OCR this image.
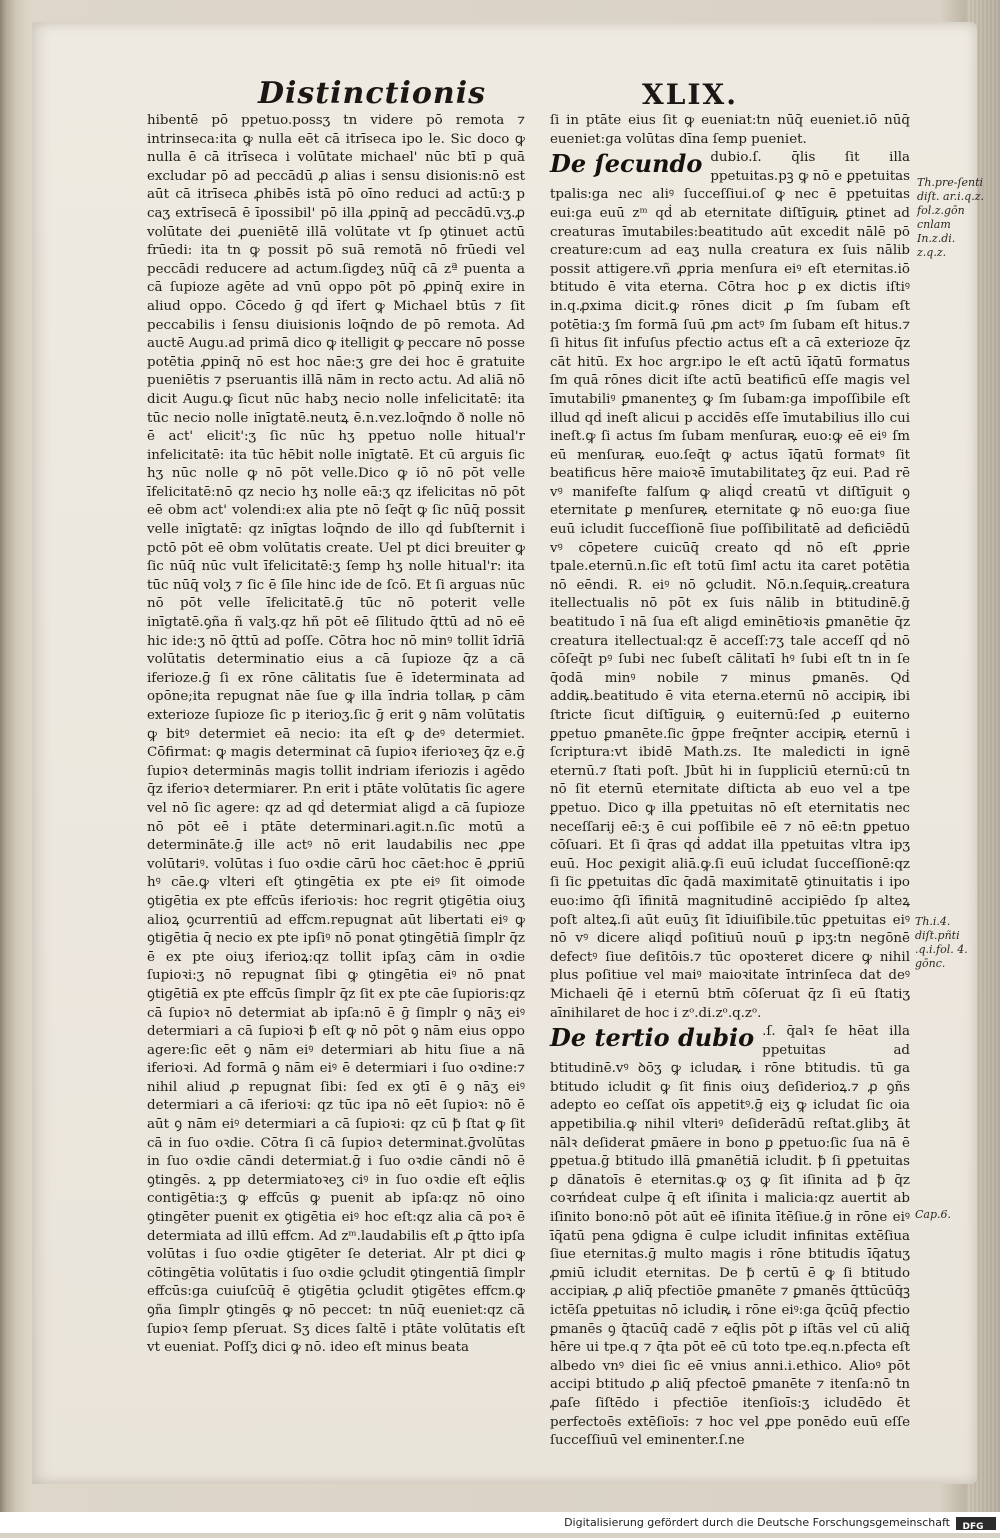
Distinctionis	XLIX.

hibentē pō ppetuo.possʒ tn videre pō remota ⁊ intrinseca:ita ꝙ nulla eēt cā itrīseca ipo le. Sic doco ꝙ nulla ē cā itrīseca i volūtate michael' nūc btī p quā excludar pō ad peccādū ꝓ alias i sensu disionis:nō est aūt cā itrīseca ꝓhibēs istā pō oīno reduci ad actū:ʒ p caʒ extrīsecā ē īpossibil' pō illa ꝓpinq̄ ad peccādū.vʒ.ꝓ volūtate dei ꝓueniētē illā volūtate vt ſp ꝯtinuet actū frūedi: ita tn ꝙ possit pō suā remotā nō frūedi vel peccādi reducere ad actum.ſigdeʒ nūq̄ cā zª puenta a cā ſupioze agēte ad vnū oppo pōt pō ꝓpinq̄ exire in aliud oppo. Cōcedo ḡ qḋ īfert ꝙ Michael btūs ⁊ ſit peccabilis i ſensu diuisionis loq̄ndo de pō remota. Ad auctē Augu.ad primā dico ꝙ itelligit ꝙ peccare nō posse potētia ꝓpinq̄ nō est hoc nāe:ʒ gre dei hoc ē gratuite pueniētis ⁊ pseruantis illā nām in recto actu. Ad aliā nō dicit Augu.ꝙ ſicut nūc habʒ necio nolle infelicitatē: ita tūc necio nolle inīgtatē.neutꝝ ē.n.vez.loq̄ndo ð nolle nō ē act' elicit':ʒ ſic nūc hʒ ppetuo nolle hitual'r infelicitatē: ita tūc hēbit nolle inīgtatē. Et cū arguis ſic hʒ nūc nolle ꝙ nō pōt velle.Dico ꝙ iō nō pōt velle īfelicitatē:nō qz necio hʒ nolle eā:ʒ qz ifelicitas nō pōt eē obm act' volendi:ex alia pte nō ſeq̄t ꝙ ſic nūq̄ possit velle inīgtatē: qz inīgtas loq̄ndo de illo qḋ ſubſternit i pctō pōt eē obm volūtatis create. Uel pt dici breuiter ꝙ ſic nūq̄ nūc vult īfelicitatē:ʒ ſemp hʒ nolle hitual'r: ita tūc nūq̄ volʒ ⁊ ſic ē ſīle hinc ide de ſcō. Et ſi arguas nūc nō pōt velle īfelicitatē.ḡ tūc nō poterit velle inīgtatē.ꝯña ñ valʒ.qz hñ pōt eē ſīlitudo q̄ttū ad nō eē hic ide:ʒ nō q̄ttū ad poſſe. Cōtra hoc nō minꝰ tollit īdrīā volūtatis determinatio eius a cā ſupioze q̄z a cā iferioze.ḡ ſi ex rōne cālitatis ſue ē īdeterminata ad opōne;ita repugnat nāe ſue ꝙ illa īndria tollaꝶ p cām exterioze ſupioze ſic p iterioʒ.ſic ḡ erit ꝯ nām volūtatis ꝙ bitꝰ determiet eā necio: ita eſt ꝙ deꝰ determiet. Cōfirmat: ꝙ magis determinat cā ſupioꝛ iferioꝛeʒ q̄z e.ḡ ſupioꝛ determinās magis tollit indriam iferiozis i agēdo q̄z iferioꝛ determiarer. P.n erit i ptāte volūtatis ſic agere vel nō ſic agere: qz ad qḋ determiat aligd a cā ſupioze nō pōt eē i ptāte determinari.agit.n.ſic motū a determināte.ḡ ille actꝰ nō erit laudabilis nec ꝓpe volūtariꝰ. volūtas i ſuo oꝛdie cārū hoc cāet:hoc ē ꝓpriū hꝰ cāe.ꝙ vlteri eſt ꝯtingētia ex pte eiꝰ ſit oimode ꝯtigētia ex pte effcūs iferioꝛis: hoc regrit ꝯtigētia oiuʒ alioꝝ ꝯcurrentiū ad effcm.repugnat aūt libertati eiꝰ ꝙ ꝯtigētia q̄ necio ex pte ipſiꝰ nō ponat ꝯtingētiā ſimplr q̄z ē ex pte oiuʒ iferioꝝ:qz tollit ipſaʒ cām in oꝛdie ſupioꝛi:ʒ nō repugnat ſibi ꝙ ꝯtingētia eiꝰ nō pnat ꝯtigētiā ex pte effcūs ſimplr q̄z ſit ex pte cāe ſupioris:qz cā ſupioꝛ nō determiat ab ipſa:nō ē ḡ ſimplr ꝯ nāʒ eiꝰ determiari a cā ſupioꝛi ꝥ eſt ꝙ nō pōt ꝯ nām eius oppo agere:ſic eēt ꝯ nām eiꝰ determiari ab hitu ſiue a nā iferioꝛi. Ad formā ꝯ nām eiꝰ ē determiari i ſuo oꝛdine:⁊ nihil aliud ꝓ repugnat ſibi: ſed ex ꝯtī ē ꝯ nāʒ eiꝰ determiari a cā iferioꝛi: qz tūc ipa nō eēt ſupioꝛ: nō ē aūt ꝯ nām eiꝰ determiari a cā ſupioꝛi: qz cū ꝥ ſtat ꝙ ſit cā in ſuo oꝛdie. Cōtra ſi cā ſupioꝛ determinat.ḡvolūtas in ſuo oꝛdie cāndi determiat.ḡ i ſuo oꝛdie cāndi nō ē ꝯtingēs. ꝝ pp determiatoꝛeʒ ciꝰ in ſuo oꝛdie eſt eq̄lis contigētia:ʒ ꝙ effcūs ꝙ puenit ab ipſa:qz nō oino ꝯtingēter puenit ex ꝯtigētia eiꝰ hoc eſt:qz alia cā poꝛ ē determiata ad illū effcm. Ad zᵐ.laudabilis eſt ꝓ q̄tto ipſa volūtas i ſuo oꝛdie ꝯtigēter ſe deteriat. Alr pt dici ꝙ cōtingētia volūtatis i ſuo oꝛdie ꝯcludit ꝯtingentiā ſimplr effcūs:ga cuiuſcūq̄ ē ꝯtigētia ꝯcludit ꝯtigētes effcm.ꝙ ꝯña ſimplr ꝯtingēs ꝙ nō peccet: tn nūq̄ eueniet:qz cā ſupioꝛ ſemp pſeruat. Sʒ dices ſaltē i ptāte volūtatis eſt vt eueniat. Poſſʒ dici ꝙ nō. ideo eſt minus beata

ſi in ptāte eius ſit ꝙ eueniat:tn nūq̄ eueniet.iō nūq̄ eueniet:ga volūtas dīna ſemp pueniet.

De ſecundo dubio.ſ. q̄lis ſit illa ppetuitas.pꝫ ꝙ nō e ꝑpetuitas tpalis:ga nec aliꝰ ſucceſſiui.oſ ꝙ nec ē ppetuitas eui:ga euū zᵐ qḋ ab eternitate diſtīguiꝶ ꝑtinet ad creaturas īmutabiles:beatitudo aūt excedit nālē pō creature:cum ad eaʒ nulla creatura ex ſuis nālib possit attigere.vñ ꝓpria menſura eiꝰ eſt eternitas.iō btitudo ē vita eterna. Cōtra hoc ꝑ ex dictis iſtiꝰ in.q.ꝓxima dicit.ꝙ rōnes dicit ꝓ ſm ſubam eſt potētia:ʒ ſm formā ſuū ꝓm actꝰ ſm ſubam eſt hitus.⁊ ſi hitus ſit infuſus pfectio actus eſt a cā exterioze q̄z cāt hitū. Ex hoc argr.ipo le eſt actū īq̄atū formatus ſm quā rōnes dicit iſte actū beatificū eſſe magis vel īmutabiliꝰ ꝑmanenteʒ ꝙ ſm ſubam:ga impoſſibile eſt illud qḋ ineſt alicui p accidēs eſſe īmutabilius illo cui ineſt.ꝙ ſi actus ſm ſubam menſuraꝶ euo:ꝙ eē eiꝰ ſm eū menſuraꝶ euo.ſeq̄t ꝙ actus īq̄atū formatꝰ ſit beatificus hēre maioꝛē īmutabilitateʒ q̄z eui. P.ad rē vꝰ manifeſte falſum ꝙ aliqḋ creatū vt diſtīguit ꝯ eternitate ꝑ menſureꝶ eternitate ꝙ nō euo:ga ſiue euū icludit ſucceſſionē ſiue poſſibilitatē ad deficiēdū vꝰ cōpetere cuicūq̄ creato qḋ nō eſt ꝓprie tpale.eternū.n.ſic eſt totū ſimꝉ actu ita caret potētia nō eēndi. R. eiꝰ nō ꝯcludit. Nō.n.ſequiꝶ.creatura itellectualis nō pōt ex ſuis nālib in btitudinē.ḡ beatitudo ī nā ſua eſt aligd eminētioꝛis ꝑmanētie q̄z creatura itellectual:qz ē acceſſ:⁊ʒ tale acceſſ qḋ nō cōſeq̄t pꝰ ſubi nec ſubeſt cālitatī hꝰ ſubi eſt tn in ſe q̄odā minꝰ nobile ⁊ minus ꝑmanēs. Qḋ addiꝶ.beatitudo ē vita eterna.eternū nō accipiꝶ ibi ſtricte ſicut diſtīguiꝶ ꝯ euiternū:ſed ꝓ euiterno ꝑpetuo ꝑmanēte.ſic ḡppe freq̄nter accipiꝶ eternū i ſcriptura:vt ibidē Math.zs. Ite maledicti in ignē eternū.⁊ ſtati poſt. Jbūt hi in ſuppliciū eternū:cū tn nō ſit eternū eternitate diſticta ab euo vel a tpe ꝑpetuo. Dico ꝙ illa ꝑpetuitas nō eſt eternitatis nec neceſſarij eē:ʒ ē cui poſſibile eē ⁊ nō eē:tn ꝑpetuo cōſuari. Et ſi q̄ras qḋ addat illa ppetuitas vltra ipʒ euū. Hoc ꝑexigit aliā.ꝙ.ſi euū icludat ſucceſſionē:qz ſi ſic ꝑpetuitas dīc q̄adā maximitatē ꝯtinuitatis i ipo euo:imo q̄ſi īfinitā magnitudinē accipiēdo ſp alteꝝ poſt alteꝝ.ſi aūt euūʒ ſit īdiuiſibile.tūc ꝑpetuitas eiꝰ nō vꝰ dicere aliqḋ poſitiuū nouū ꝑ ipʒ:tn negōnē defectꝰ ſiue deſitōis.⁊ tūc opoꝛteret dicere ꝙ nihil plus poſitiue vel maiꝰ maioꝛitate īntrinſeca dat deꝰ Michaeli q̄ē i eternū btm̄ cōſeruat q̄z ſi eū ſtatiʒ aīnihilaret de hoc i zᵒ.di.zᵒ.q.zᵒ.

De tertio dubio .ſ. q̄alꝛ ſe hēat illa ppetuitas ad btitudinē.vꝰ ꝺōʒ ꝙ icludaꝶ i rōne btitudis. tū ga btitudo icludit ꝙ ſit finis oiuʒ deſiderioꝝ.⁊ ꝓ ꝯñs adepto eo ceſſat oīs appetitꝰ.ḡ eiʒ ꝙ icludat ſic oia appetibilia.ꝙ nihil vlteriꝰ deſiderādū reſtat.glibʒ āt nālꝛ deſiderat ꝑmāere in bono ꝑ ꝑpetuo:ſic ſua nā ē ꝑpetua.ḡ btitudo illā ꝑmanētiā icludit. ꝥ ſi ꝑpetuitas ꝑ dānatoīs ē eternitas.ꝙ oʒ ꝙ ſit iſinita ad ꝥ q̄z coꝛrńdeat culpe q̄ eſt iſinita i malicia:qz auertit ab iſinito bono:nō pōt aūt eē iſinita ītēſiue.ḡ in rōne eiꝰ īq̄atū pena ꝯdigna ē culpe icludit infinitas extēſiua ſiue eternitas.ḡ multo magis i rōne btitudis īq̄atuʒ ꝓmiū icludit eternitas. De ꝥ certū ē ꝙ ſi btitudo accipiaꝶ ꝓ aliq̄ pfectiōe ꝑmanēte ⁊ ꝑmanēs q̄ttūcūq̄ꝫ ictēſa ꝑpetuitas nō icludiꝶ i rōne eiꝰ:ga q̄cūq̄ pfectio ꝑmanēs ꝯ q̄tacūq̄ cadē ⁊ eq̄lis pōt ꝑ iſtās vel cū aliq̄ hēre ui tpe.q ⁊ q̄ta pōt eē cū toto tpe.eq.n.pfecta eſt albedo vnꝰ diei ſic eē vnius anni.i.ethico. Alioꝰ pōt accipi btitudo ꝓ aliq̄ pfectoē ꝑmanēte ⁊ itenſa:nō tn ꝓaſe ſiſtēdo i pfectiōe itenſioīs:ʒ icludēdo ēt perfectoēs extēſioīs: ⁊ hoc vel ꝓpe ponēdo euū eſſe ſucceſſiuū vel eminenter.ſ.ne

Th.pre-ſenti diſt. ar.i.q.z. fol.z.gōn cnlam In.z.di. z.q.z.
Th.i.4. diſt.pñti .q.i.fol. 4. gōnc.
Cap.6.
Digitalisierung gefördert durch die Deutsche Forschungsgemeinschaft DFG
